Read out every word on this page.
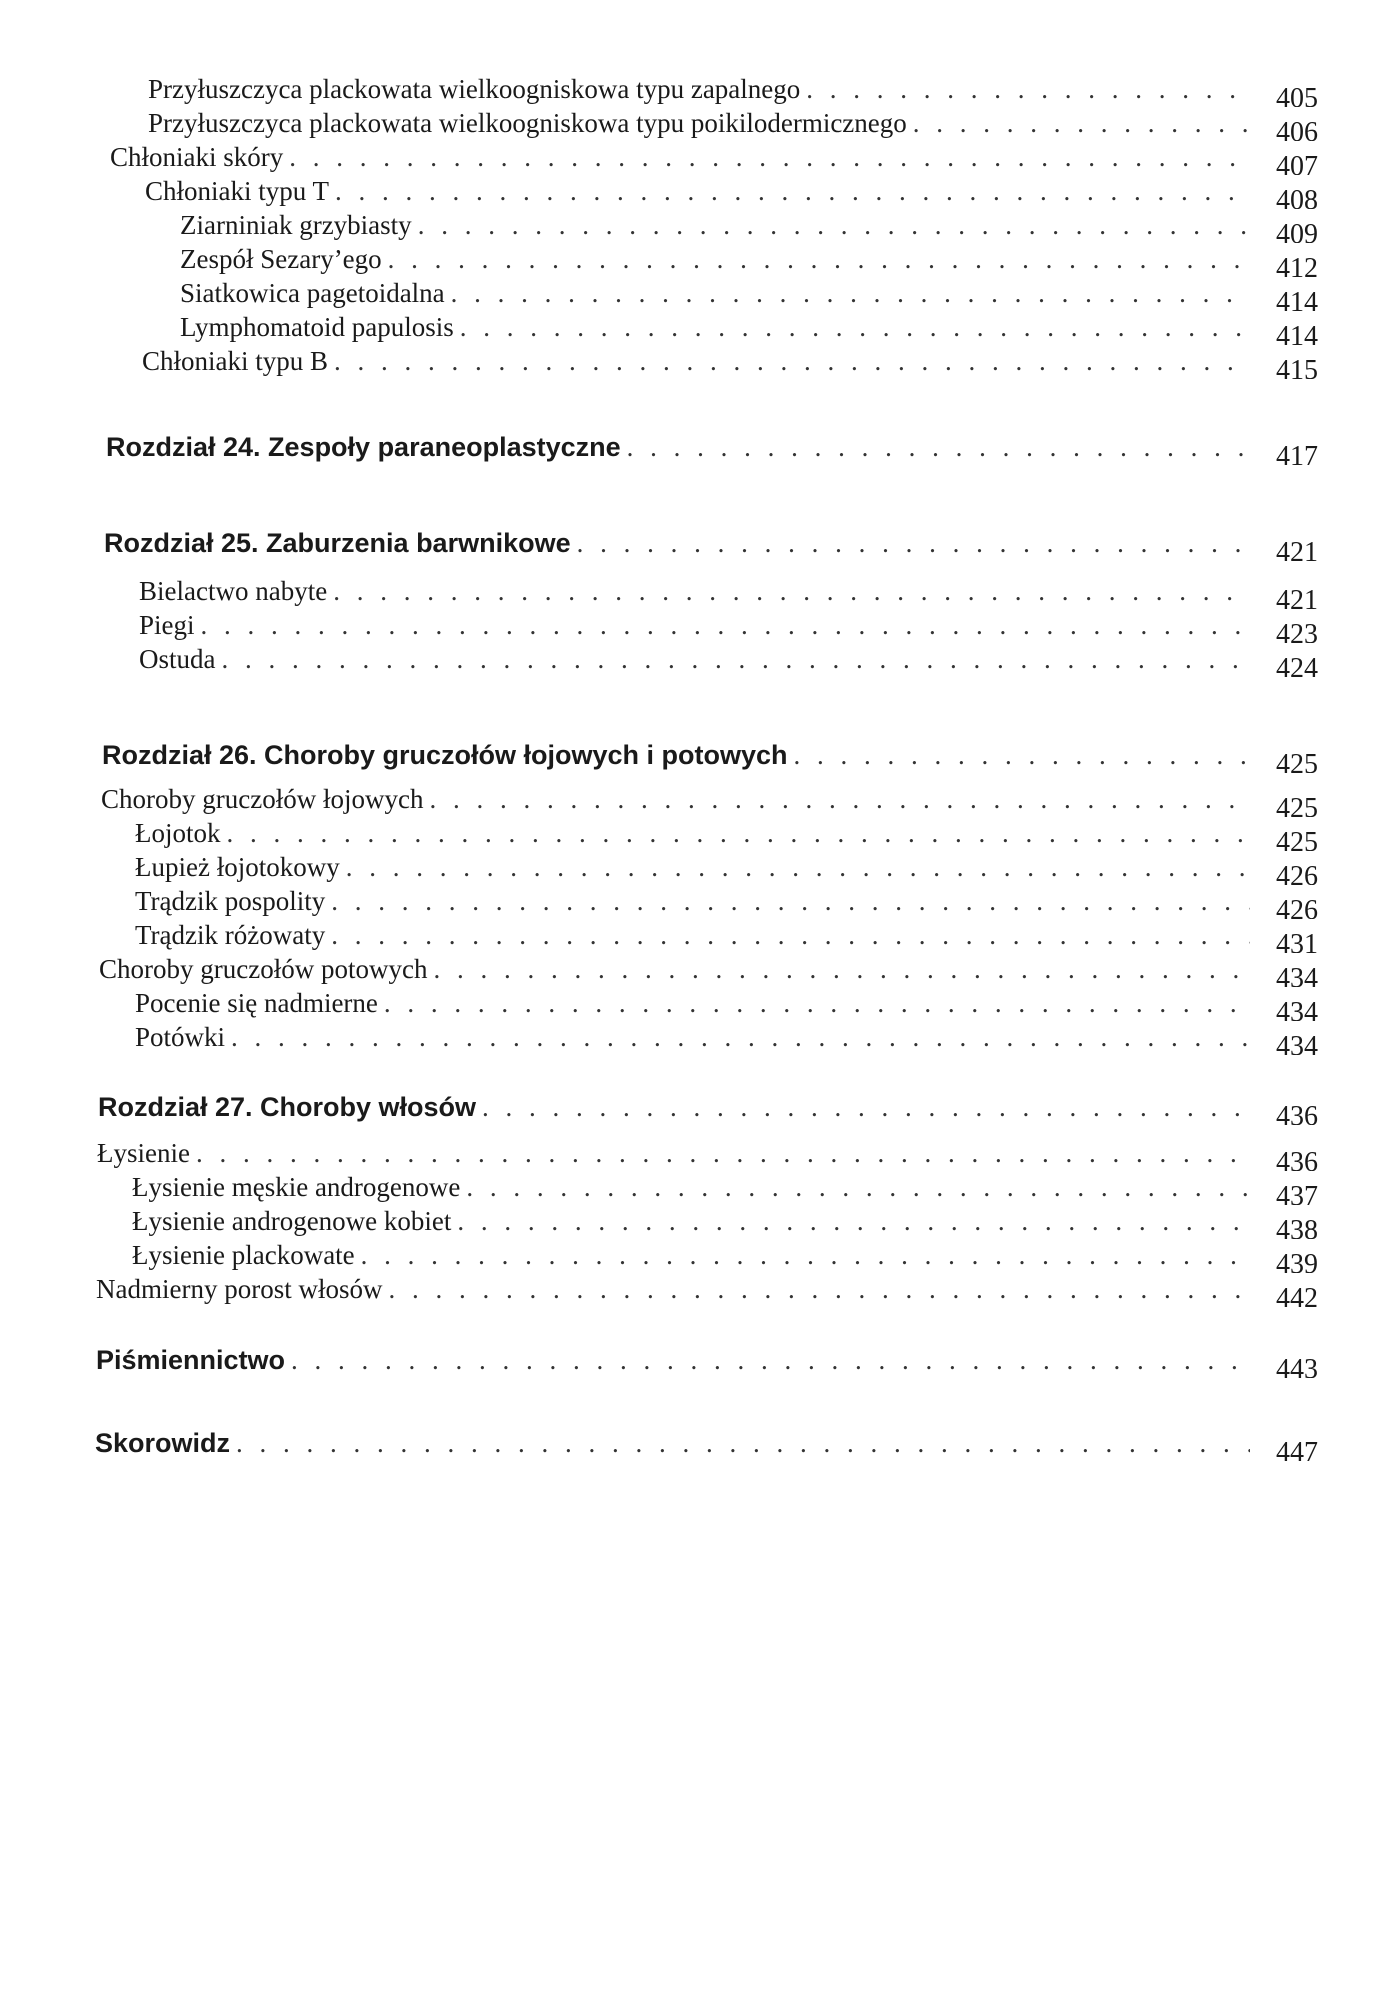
Przyłuszczyca plackowata wielkoogniskowa typu zapalnego . . .	405
Przyłuszczyca plackowata wielkoogniskowa typu poikilodermicznego . . .	406
Chłoniaki skóry . . .	407
Chłoniaki typu T . . .	408
Ziarniniak grzybiasty . . .	409
Zespół Sezary’ego . . .	412
Siatkowica pagetoidalna . . .	414
Lymphomatoid papulosis . . .	414
Chłoniaki typu B . . .	415
Rozdział 24. Zespoły paraneoplastyczne . . .	417
Rozdział 25. Zaburzenia barwnikowe . . .	421
Bielactwo nabyte . . .	421
Piegi . . .	423
Ostuda . . .	424
Rozdział 26. Choroby gruczołów łojowych i potowych . . .	425
Choroby gruczołów łojowych . . .	425
Łojotok . . .	425
Łupież łojotokowy . . .	426
Trądzik pospolity . . .	426
Trądzik różowaty . . .	431
Choroby gruczołów potowych . . .	434
Pocenie się nadmierne . . .	434
Potówki . . .	434
Rozdział 27. Choroby włosów . . .	436
Łysienie . . .	436
Łysienie męskie androgenowe . . .	437
Łysienie androgenowe kobiet . . .	438
Łysienie plackowate . . .	439
Nadmierny porost włosów . . .	442
Piśmiennictwo . . .	443
Skorowidz . . .	447
